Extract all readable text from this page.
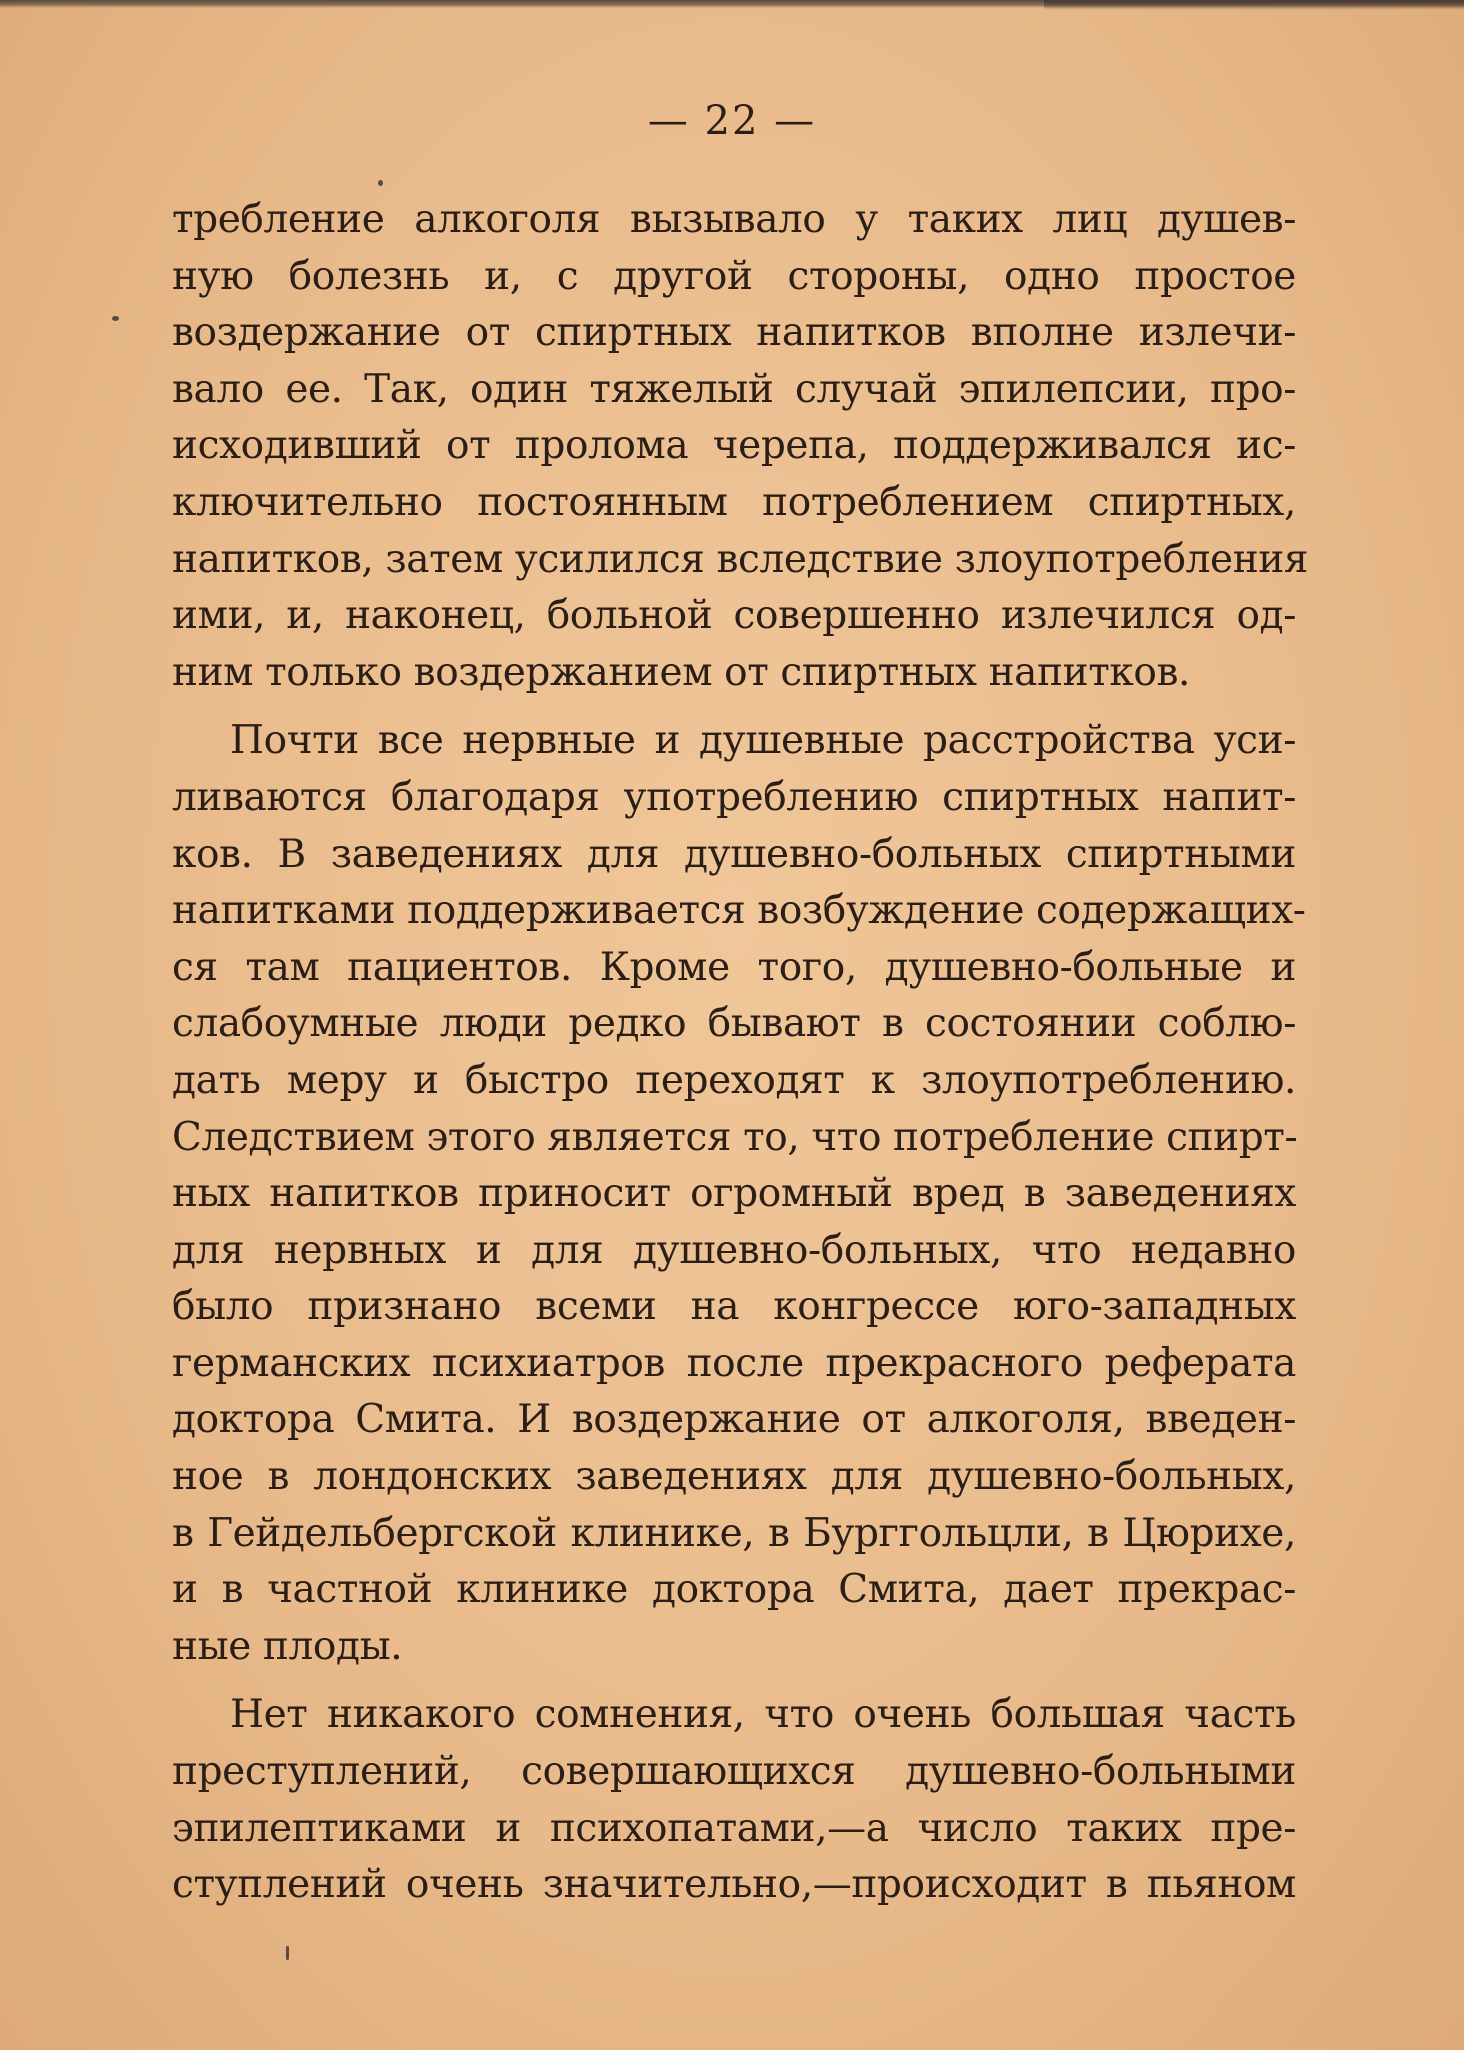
— 22 —

требление алкоголя вызывало у таких лиц душев-
ную болезнь и, с другой стороны, одно простое
воздержание от спиртных напитков вполне излечи-
вало ее. Так, один тяжелый случай эпилепсии, про-
исходивший от пролома черепа, поддерживался ис-
ключительно постоянным потреблением спиртных,
напитков, затем усилился вследствие злоупотребления
ими, и, наконец, больной совершенно излечился од-
ним только воздержанием от спиртных напитков.

Почти все нервные и душевные расстройства уси-
ливаются благодаря употреблению спиртных напит-
ков. В заведениях для душевно-больных спиртными
напитками поддерживается возбуждение содержащих-
ся там пациентов. Кроме того, душевно-больные и
слабоумные люди редко бывают в состоянии соблю-
дать меру и быстро переходят к злоупотреблению.
Следствием этого является то, что потребление спирт-
ных напитков приносит огромный вред в заведениях
для нервных и для душевно-больных, что недавно
было признано всеми на конгрессе юго-западных
германских психиатров после прекрасного реферата
доктора Смита. И воздержание от алкоголя, введен-
ное в лондонских заведениях для душевно-больных,
в Гейдельбергской клинике, в Бурггольцли, в Цюрихе,
и в частной клинике доктора Смита, дает прекрас-
ные плоды.

Нет никакого сомнения, что очень большая часть
преступлений, совершающихся душевно-больными
эпилептиками и психопатами,—а число таких пре-
ступлений очень значительно,—происходит в пьяном
